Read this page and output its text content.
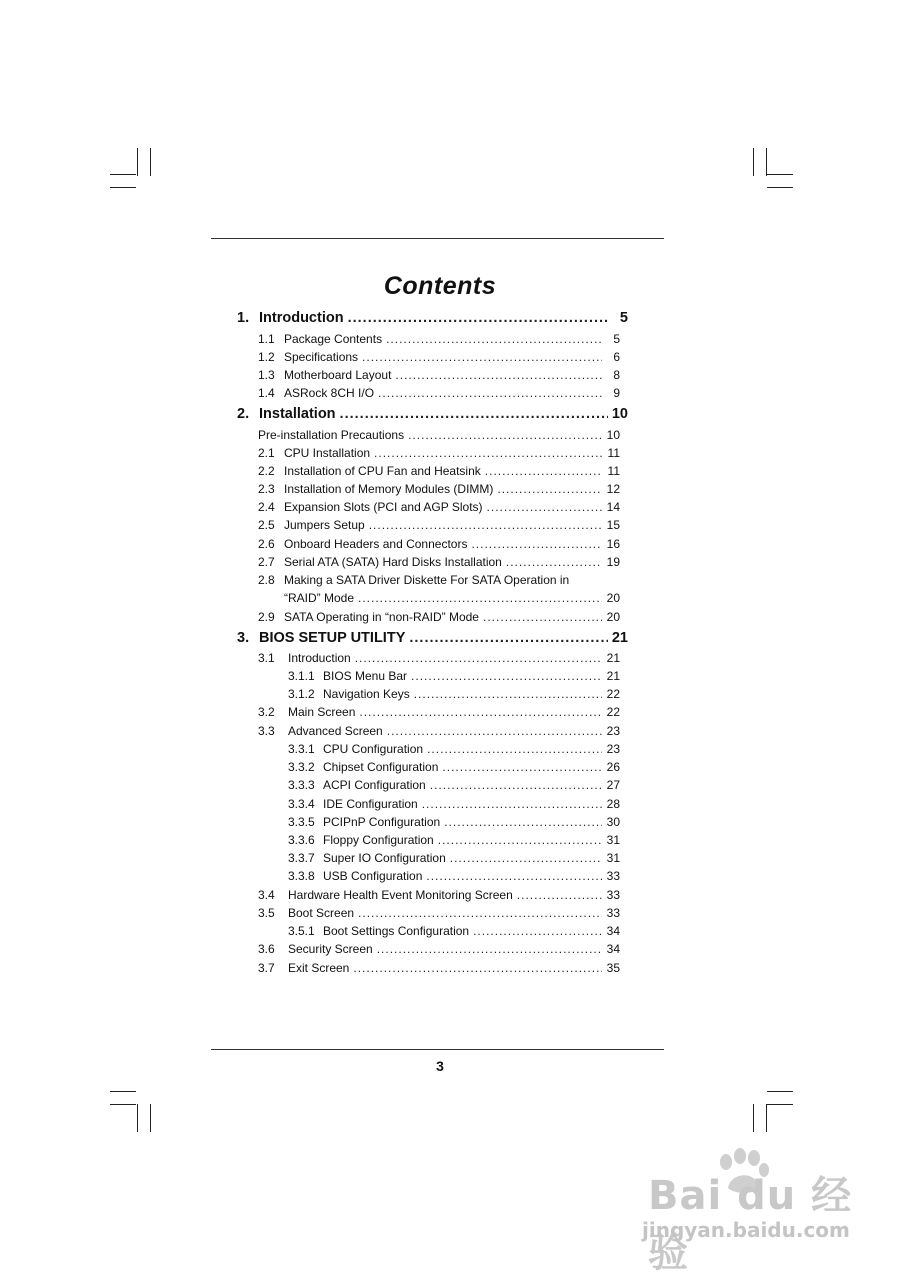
Contents
1. Introduction .....	5
1.1 Package Contents .....	5
1.2 Specifications .....	6
1.3 Motherboard Layout .....	8
1.4 ASRock 8CH I/O .....	9
2. Installation .....	10
Pre-installation Precautions .....	10
2.1 CPU Installation .....	11
2.2 Installation of CPU Fan and Heatsink .....	11
2.3 Installation of Memory Modules (DIMM) .....	12
2.4 Expansion Slots (PCI and AGP Slots) .....	14
2.5 Jumpers Setup .....	15
2.6 Onboard Headers and Connectors .....	16
2.7 Serial ATA (SATA) Hard Disks Installation .....	19
2.8 Making a SATA Driver Diskette For SATA Operation in
“RAID” Mode .....	20
2.9 SATA Operating in “non-RAID” Mode .....	20
3. BIOS SETUP UTILITY .....	21
3.1	Introduction .....	21
3.1.1 BIOS Menu Bar .....	21
3.1.2 Navigation Keys .....	22
3.2	Main Screen .....	22
3.3	Advanced Screen .....	23
3.3.1 CPU Configuration .....	23
3.3.2 Chipset Configuration .....	26
3.3.3 ACPI Configuration .....	27
3.3.4 IDE Configuration .....	28
3.3.5 PCIPnP Configuration .....	30
3.3.6 Floppy Configuration .....	31
3.3.7 Super IO Configuration .....	31
3.3.8 USB Configuration .....	33
3.4	Hardware Health Event Monitoring Screen .....	33
3.5	Boot Screen .....	33
3.5.1 Boot Settings Configuration .....	34
3.6	Security Screen .....	34
3.7	Exit Screen .....	35
3
Bai du 经验
jingyan.baidu.com
